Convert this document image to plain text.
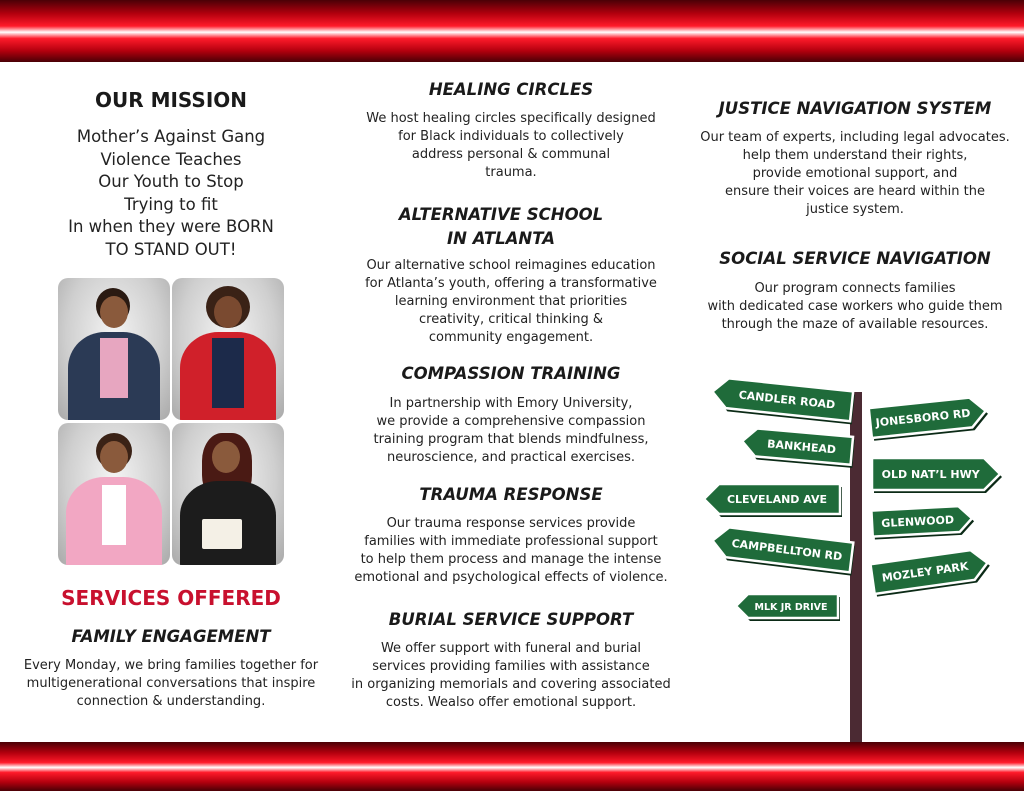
OUR MISSION
Mother’s Against Gang
Violence Teaches
Our Youth to Stop
Trying to fit
In when they were BORN
TO STAND OUT!
SERVICES OFFERED
FAMILY ENGAGEMENT
Every Monday, we bring families together for
multigenerational conversations that inspire
connection & understanding.
HEALING CIRCLES
We host healing circles specifically designed
for Black individuals to collectively
address personal & communal
trauma.
ALTERNATIVE SCHOOL
IN ATLANTA
Our alternative school reimagines education
for Atlanta’s youth, offering a transformative
learning environment that priorities
creativity, critical thinking &
community engagement.
COMPASSION TRAINING
In partnership with Emory University,
we provide a comprehensive compassion
training program that blends mindfulness,
neuroscience, and practical exercises.
TRAUMA RESPONSE
Our trauma response services provide
families with immediate professional support
to help them process and manage the intense
emotional and psychological effects of violence.
BURIAL SERVICE SUPPORT
We offer support with funeral and burial
services providing families with assistance
in organizing memorials and covering associated
costs. Wealso offer emotional support.
JUSTICE NAVIGATION SYSTEM
Our team of experts, including legal advocates.
help them understand their rights,
provide emotional support, and
ensure their voices are heard within the
justice system.
SOCIAL SERVICE NAVIGATION
Our program connects families
with dedicated case workers who guide them
through the maze of available resources.
CANDLER ROAD
BANKHEAD
CLEVELAND AVE
CAMPBELLTON RD
MLK JR DRIVE
JONESBORO RD
OLD NAT’L HWY
GLENWOOD
MOZLEY PARK
